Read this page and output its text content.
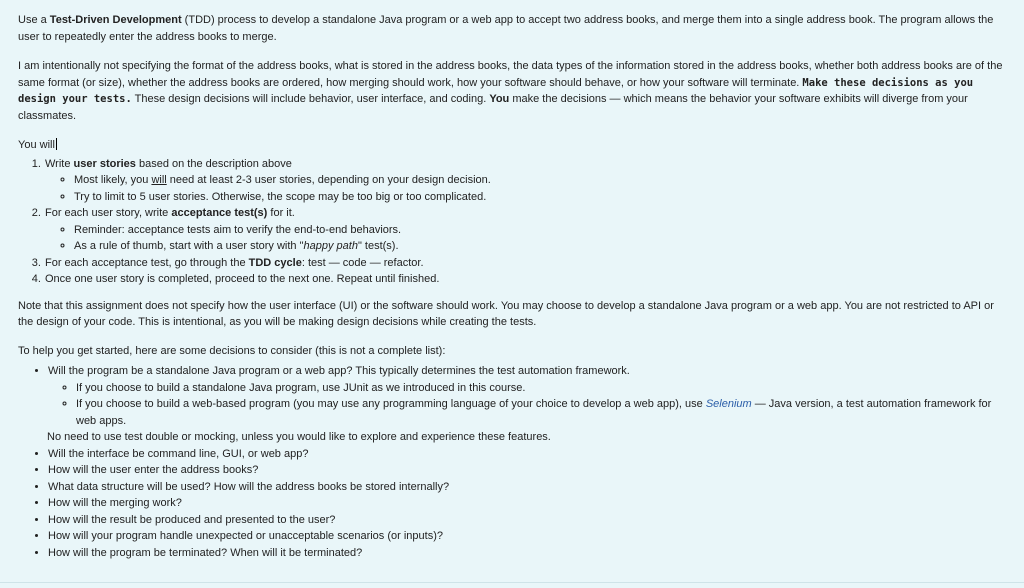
Use a Test-Driven Development (TDD) process to develop a standalone Java program or a web app to accept two address books, and merge them into a single address book. The program allows the user to repeatedly enter the address books to merge.

I am intentionally not specifying the format of the address books, what is stored in the address books, the data types of the information stored in the address books, whether both address books are of the same format (or size), whether the address books are ordered, how merging should work, how your software should behave, or how your software will terminate. Make these decisions as you design your tests. These design decisions will include behavior, user interface, and coding. You make the decisions — which means the behavior your software exhibits will diverge from your classmates.

You will

1. Write user stories based on the description above
◦ Most likely, you will need at least 2-3 user stories, depending on your design decision.
◦ Try to limit to 5 user stories. Otherwise, the scope may be too big or too complicated.
2. For each user story, write acceptance test(s) for it.
◦ Reminder: acceptance tests aim to verify the end-to-end behaviors.
◦ As a rule of thumb, start with a user story with "happy path" test(s).
3. For each acceptance test, go through the TDD cycle: test — code — refactor.
4. Once one user story is completed, proceed to the next one. Repeat until finished.

Note that this assignment does not specify how the user interface (UI) or the software should work. You may choose to develop a standalone Java program or a web app. You are not restricted to API or the design of your code. This is intentional, as you will be making design decisions while creating the tests.

To help you get started, here are some decisions to consider (this is not a complete list):

• Will the program be a standalone Java program or a web app? This typically determines the test automation framework.
◦ If you choose to build a standalone Java program, use JUnit as we introduced in this course.
◦ If you choose to build a web-based program (you may use any programming language of your choice to develop a web app), use Selenium — Java version, a test automation framework for web apps.

No need to use test double or mocking, unless you would like to explore and experience these features.

• Will the interface be command line, GUI, or web app?
• How will the user enter the address books?
• What data structure will be used? How will the address books be stored internally?
• How will the merging work?
• How will the result be produced and presented to the user?
• How will your program handle unexpected or unacceptable scenarios (or inputs)?
• How will the program be terminated? When will it be terminated?
